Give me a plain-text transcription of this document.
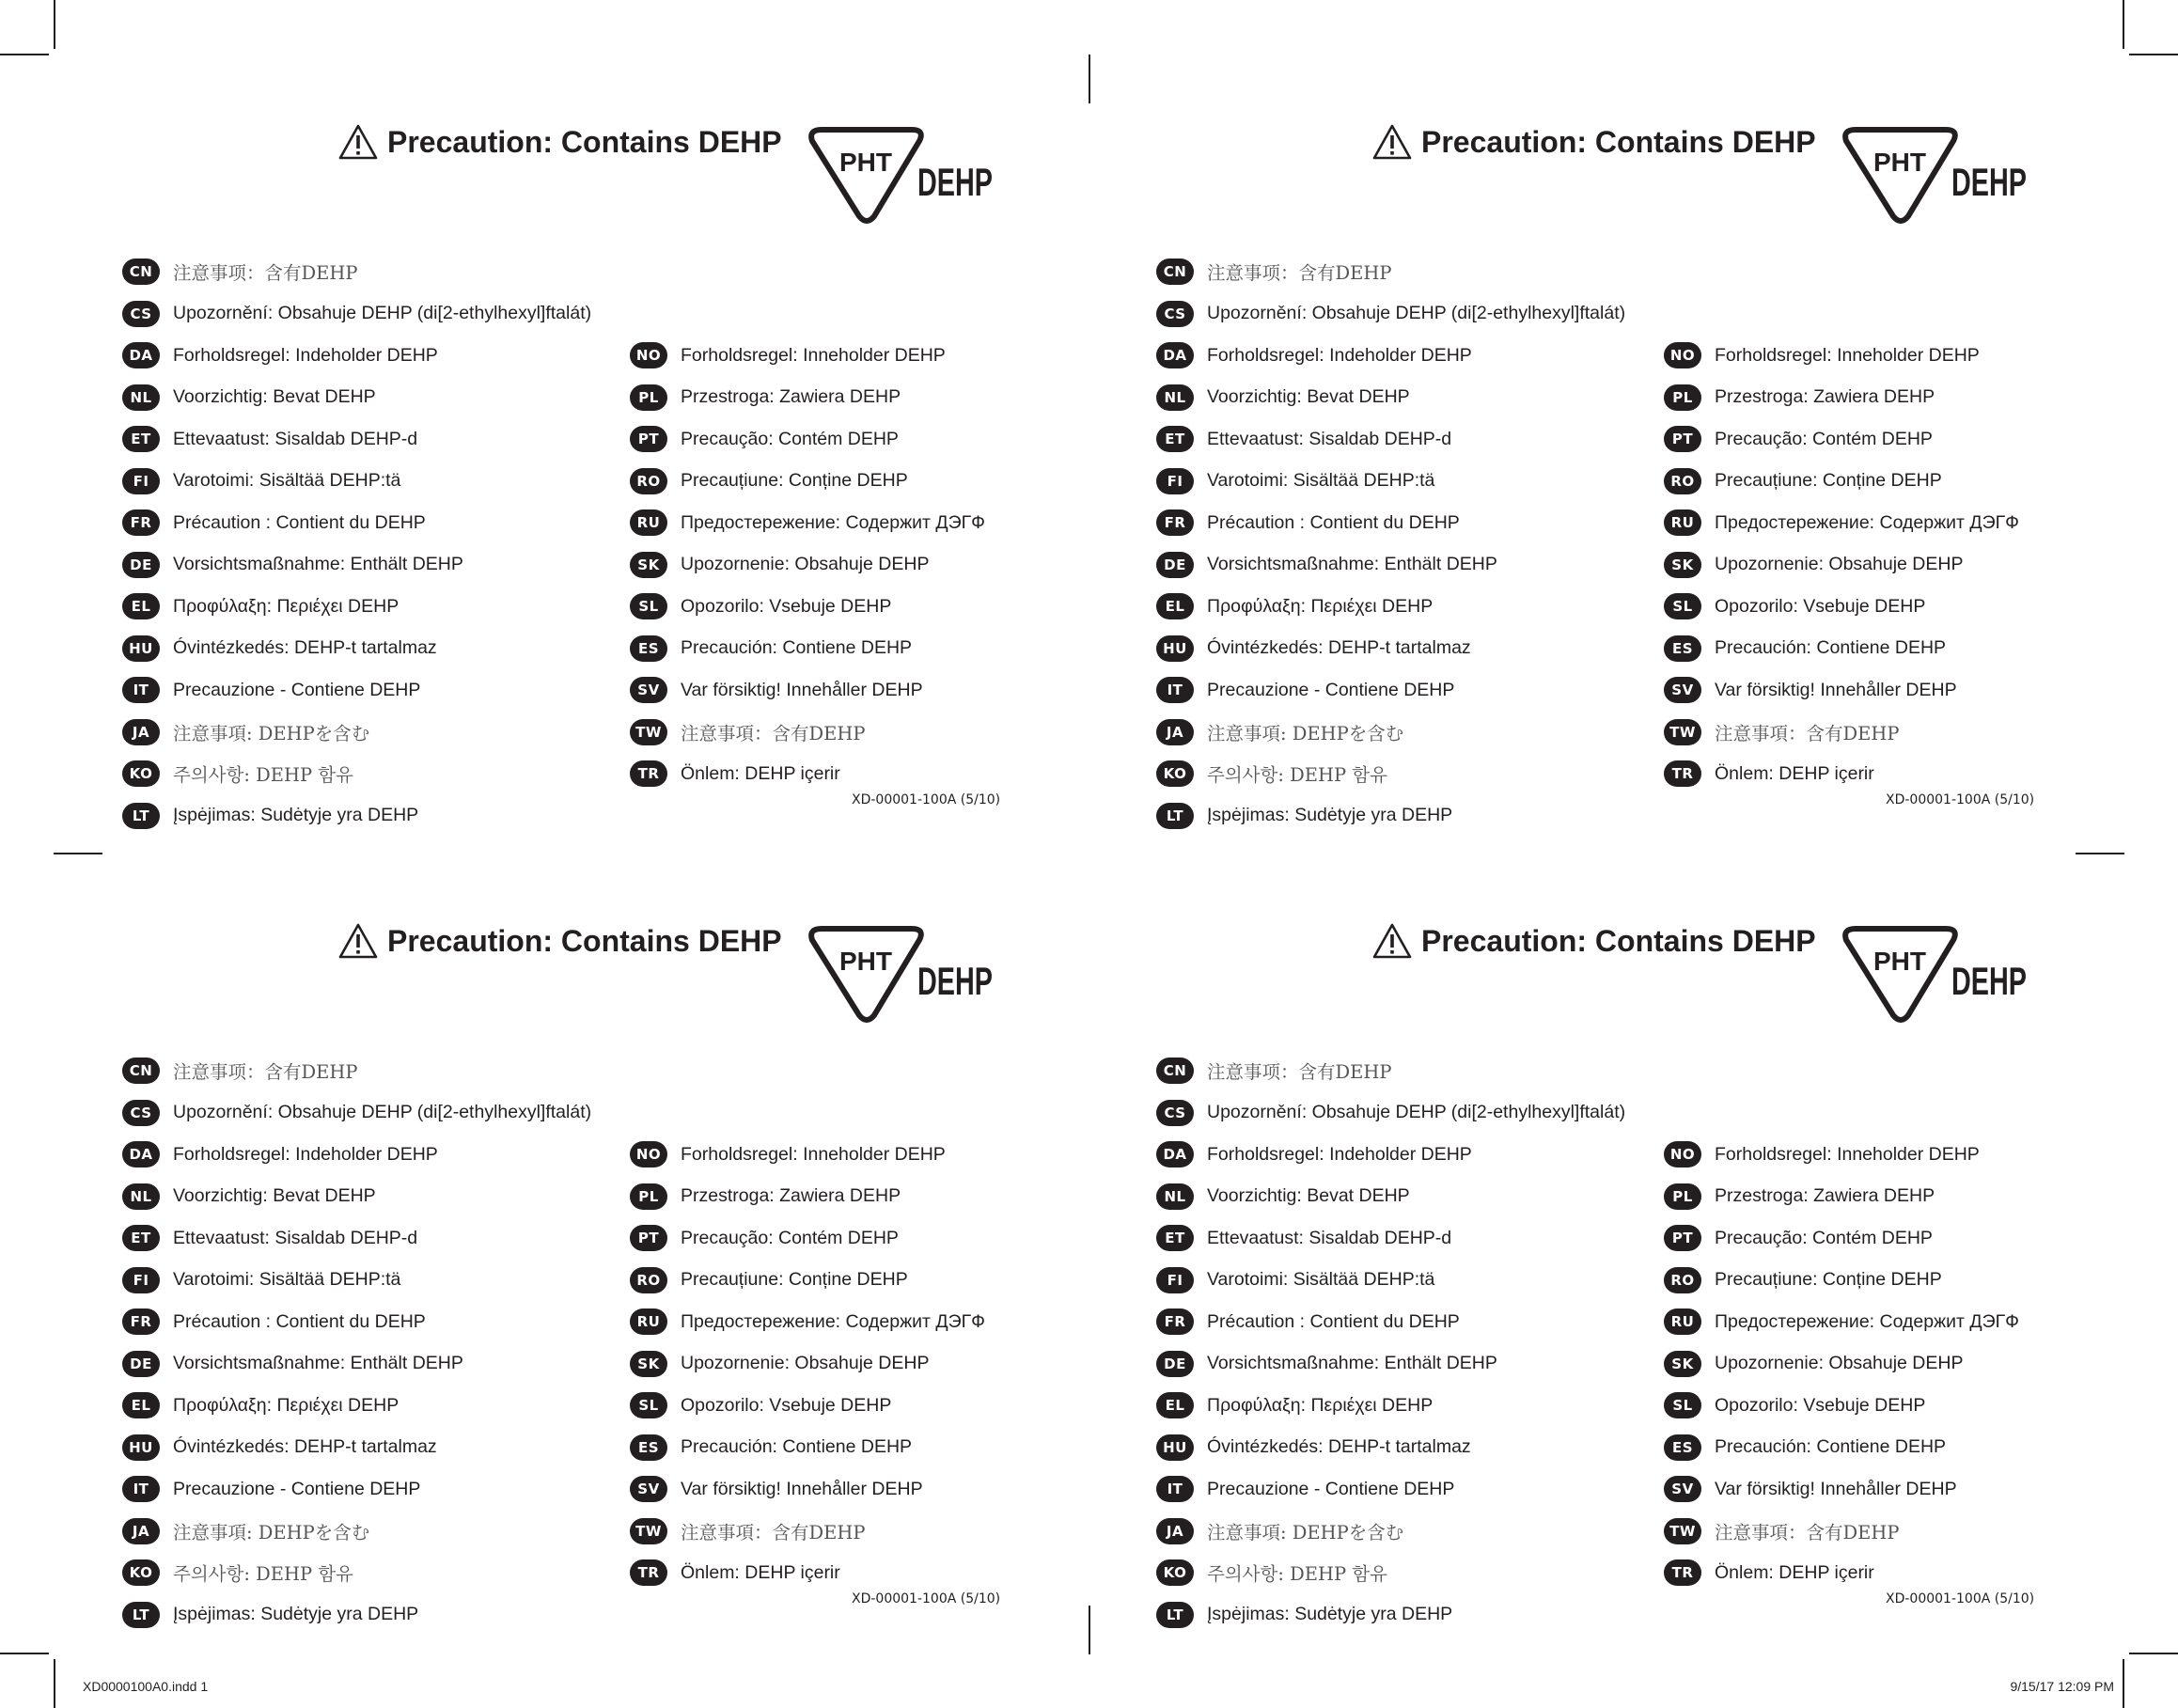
Precaution: Contains DEHP
PHT DEHP
CN	注意事项：含有DEHP
CS	Upozornění: Obsahuje DEHP (di[2-ethylhexyl]ftalát)
DA	Forholdsregel: Indeholder DEHP
NL	Voorzichtig: Bevat DEHP
ET	Ettevaatust: Sisaldab DEHP-d
FI	Varotoimi: Sisältää DEHP:tä
FR	Précaution : Contient du DEHP
DE	Vorsichtsmaßnahme: Enthält DEHP
EL	Προφύλαξη: Περιέχει DEHP
HU	Óvintézkedés: DEHP-t tartalmaz
IT	Precauzione - Contiene DEHP
JA	注意事項: DEHPを含む
KO	주의사항: DEHP 함유
LT	Įspėjimas: Sudėtyje yra DEHP
NO	Forholdsregel: Inneholder DEHP
PL	Przestroga: Zawiera DEHP
PT	Precaução: Contém DEHP
RO	Precauțiune: Conține DEHP
RU	Предостережение: Содержит ДЭГФ
SK	Upozornenie: Obsahuje DEHP
SL	Opozorilo: Vsebuje DEHP
ES	Precaución: Contiene DEHP
SV	Var försiktig! Innehåller DEHP
TW	注意事項：含有DEHP
TR	Önlem: DEHP içerir
XD-00001-100A (5/10)
Precaution: Contains DEHP
PHT DEHP
CN	注意事项：含有DEHP
CS	Upozornění: Obsahuje DEHP (di[2-ethylhexyl]ftalát)
DA	Forholdsregel: Indeholder DEHP
NL	Voorzichtig: Bevat DEHP
ET	Ettevaatust: Sisaldab DEHP-d
FI	Varotoimi: Sisältää DEHP:tä
FR	Précaution : Contient du DEHP
DE	Vorsichtsmaßnahme: Enthält DEHP
EL	Προφύλαξη: Περιέχει DEHP
HU	Óvintézkedés: DEHP-t tartalmaz
IT	Precauzione - Contiene DEHP
JA	注意事項: DEHPを含む
KO	주의사항: DEHP 함유
LT	Įspėjimas: Sudėtyje yra DEHP
NO	Forholdsregel: Inneholder DEHP
PL	Przestroga: Zawiera DEHP
PT	Precaução: Contém DEHP
RO	Precauțiune: Conține DEHP
RU	Предостережение: Содержит ДЭГФ
SK	Upozornenie: Obsahuje DEHP
SL	Opozorilo: Vsebuje DEHP
ES	Precaución: Contiene DEHP
SV	Var försiktig! Innehåller DEHP
TW	注意事項：含有DEHP
TR	Önlem: DEHP içerir
XD-00001-100A (5/10)
Precaution: Contains DEHP
PHT DEHP
CN	注意事项：含有DEHP
CS	Upozornění: Obsahuje DEHP (di[2-ethylhexyl]ftalát)
DA	Forholdsregel: Indeholder DEHP
NL	Voorzichtig: Bevat DEHP
ET	Ettevaatust: Sisaldab DEHP-d
FI	Varotoimi: Sisältää DEHP:tä
FR	Précaution : Contient du DEHP
DE	Vorsichtsmaßnahme: Enthält DEHP
EL	Προφύλαξη: Περιέχει DEHP
HU	Óvintézkedés: DEHP-t tartalmaz
IT	Precauzione - Contiene DEHP
JA	注意事項: DEHPを含む
KO	주의사항: DEHP 함유
LT	Įspėjimas: Sudėtyje yra DEHP
NO	Forholdsregel: Inneholder DEHP
PL	Przestroga: Zawiera DEHP
PT	Precaução: Contém DEHP
RO	Precauțiune: Conține DEHP
RU	Предостережение: Содержит ДЭГФ
SK	Upozornenie: Obsahuje DEHP
SL	Opozorilo: Vsebuje DEHP
ES	Precaución: Contiene DEHP
SV	Var försiktig! Innehåller DEHP
TW	注意事項：含有DEHP
TR	Önlem: DEHP içerir
XD-00001-100A (5/10)
Precaution: Contains DEHP
PHT DEHP
CN	注意事项：含有DEHP
CS	Upozornění: Obsahuje DEHP (di[2-ethylhexyl]ftalát)
DA	Forholdsregel: Indeholder DEHP
NL	Voorzichtig: Bevat DEHP
ET	Ettevaatust: Sisaldab DEHP-d
FI	Varotoimi: Sisältää DEHP:tä
FR	Précaution : Contient du DEHP
DE	Vorsichtsmaßnahme: Enthält DEHP
EL	Προφύλαξη: Περιέχει DEHP
HU	Óvintézkedés: DEHP-t tartalmaz
IT	Precauzione - Contiene DEHP
JA	注意事項: DEHPを含む
KO	주의사항: DEHP 함유
LT	Įspėjimas: Sudėtyje yra DEHP
NO	Forholdsregel: Inneholder DEHP
PL	Przestroga: Zawiera DEHP
PT	Precaução: Contém DEHP
RO	Precauțiune: Conține DEHP
RU	Предостережение: Содержит ДЭГФ
SK	Upozornenie: Obsahuje DEHP
SL	Opozorilo: Vsebuje DEHP
ES	Precaución: Contiene DEHP
SV	Var försiktig! Innehåller DEHP
TW	注意事項：含有DEHP
TR	Önlem: DEHP içerir
XD-00001-100A (5/10)
XD0000100A0.indd 1	9/15/17 12:09 PM
